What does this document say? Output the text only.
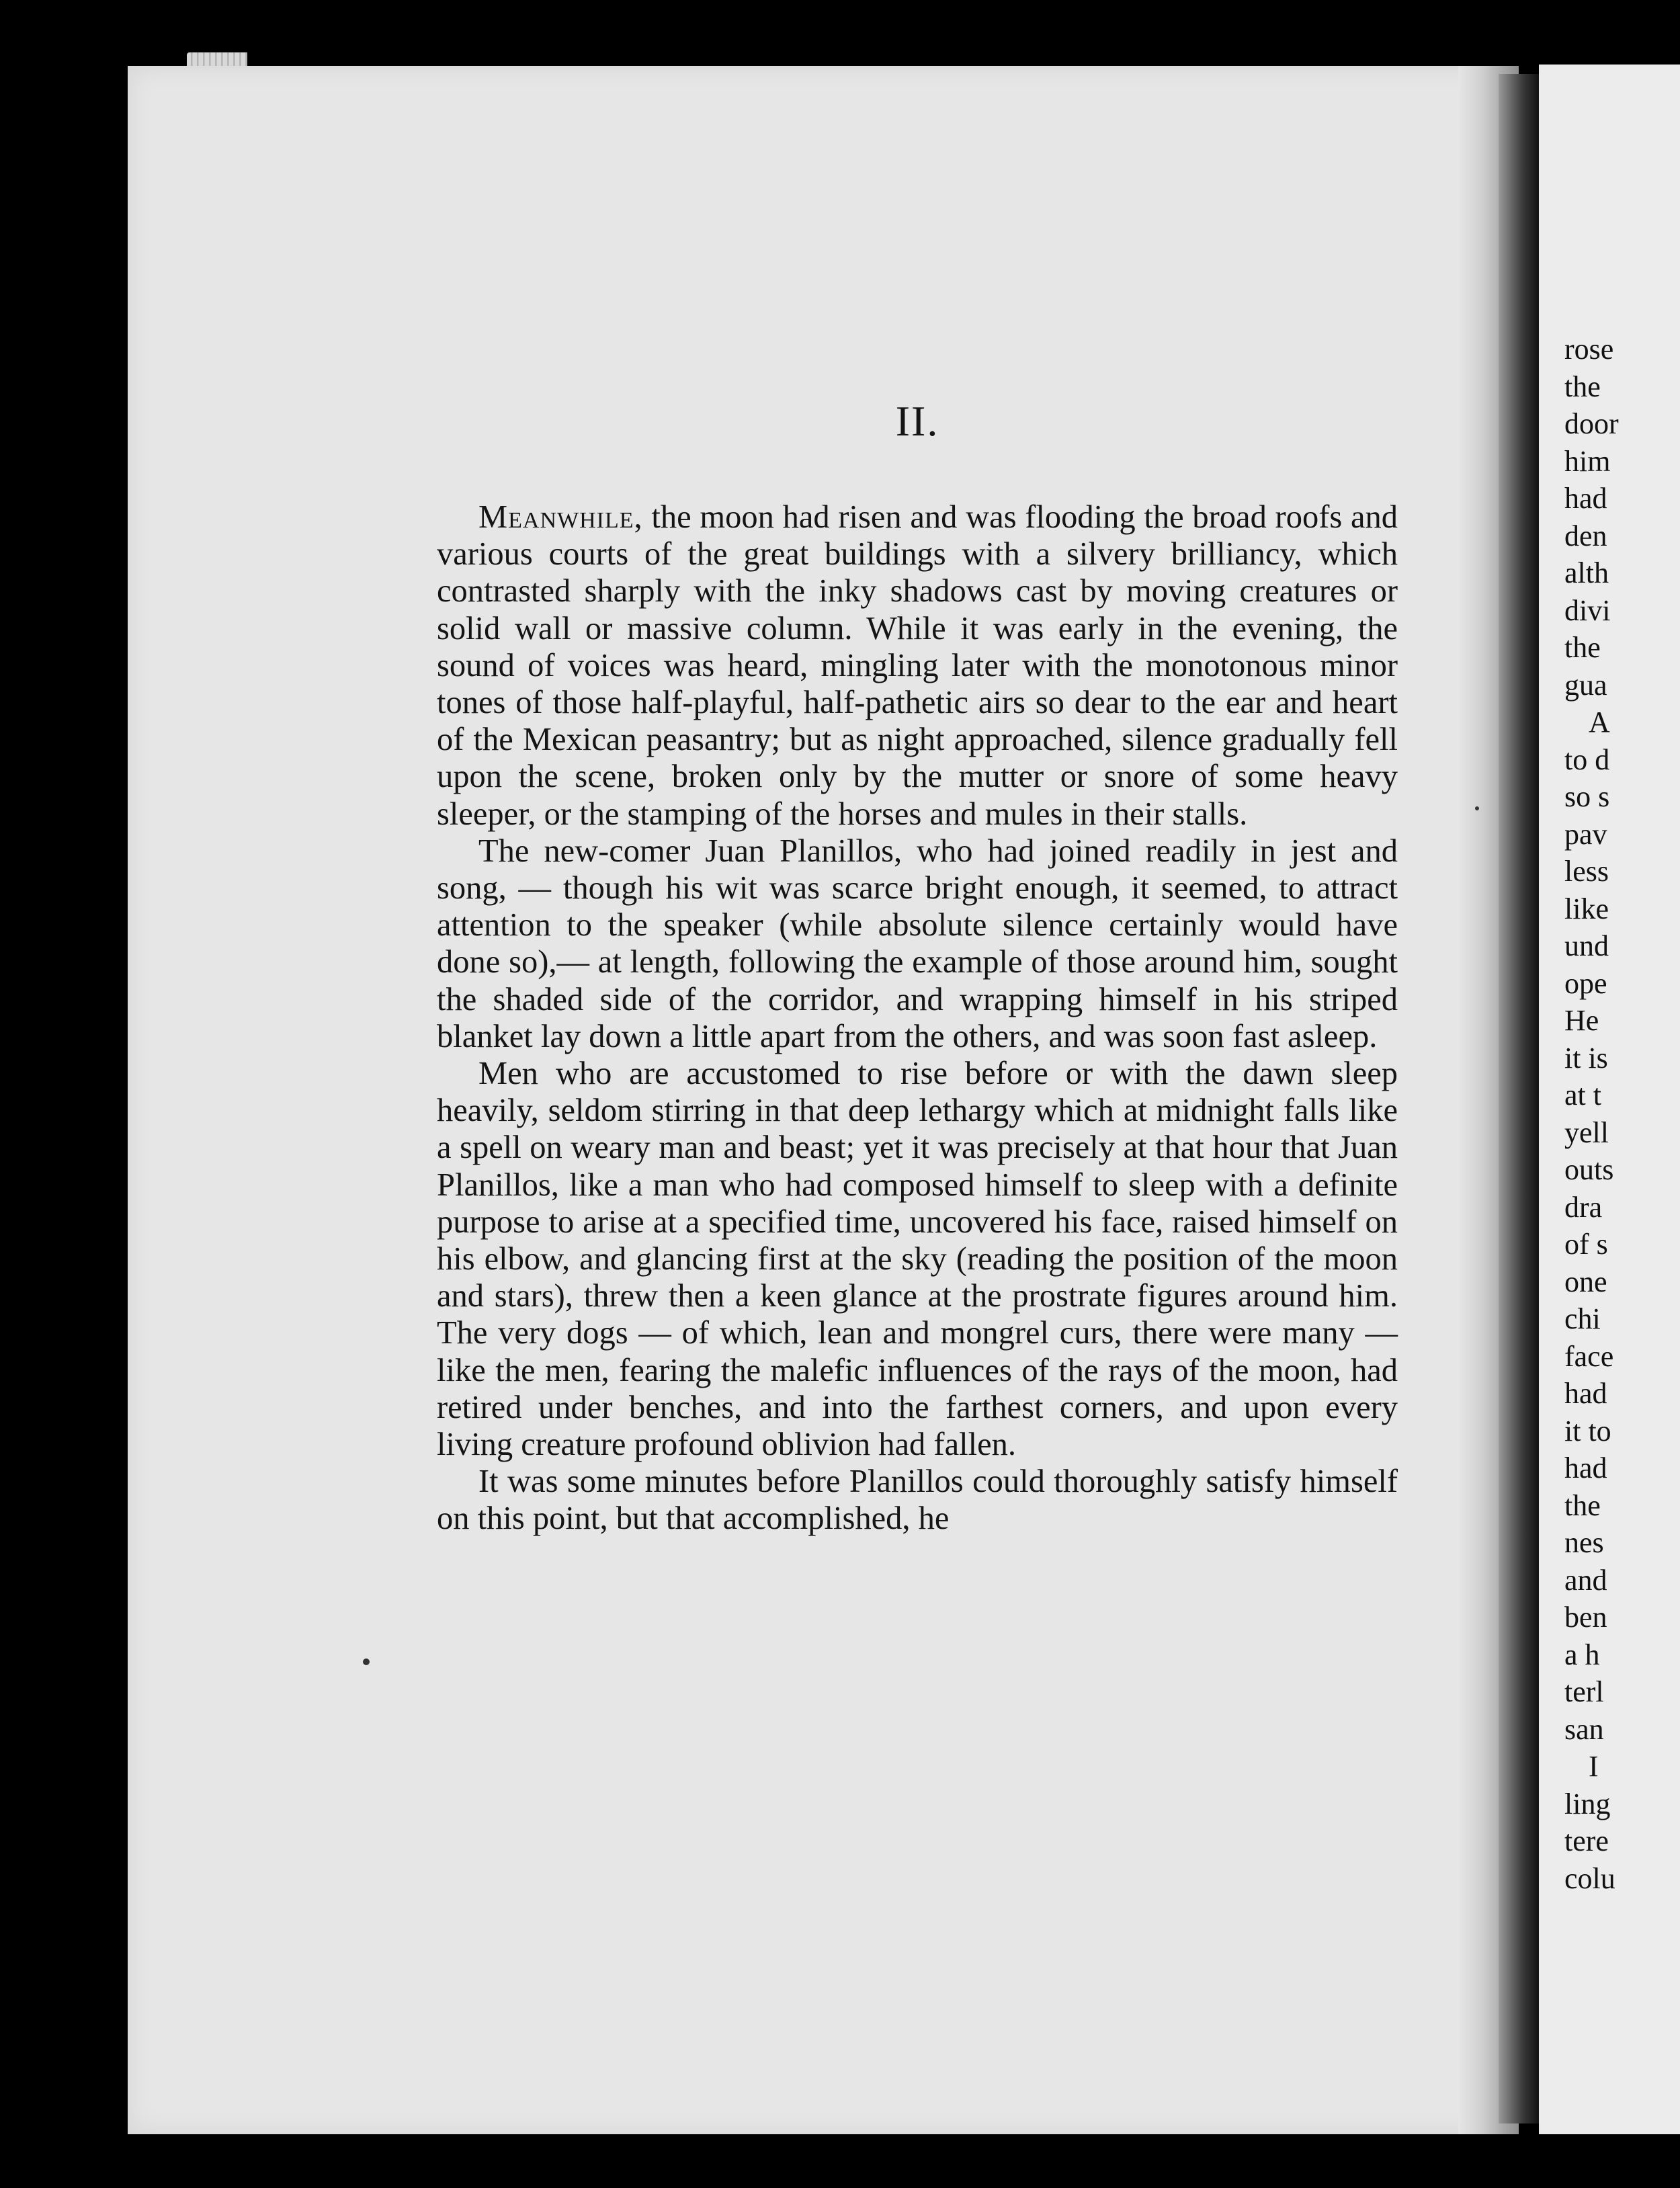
rose
the
door
him
had
den
alth
divi
the
gua
A
to d
so s
pav
less
like
und
ope
He
it is
at t
yell
outs
dra
of s
one
chi
face
had
it to
had
the
nes
and
ben
a h
terl
san
I
ling
tere
colu
II.

Meanwhile, the moon had risen and was flooding the broad roofs and various courts of the great buildings with a silvery brilliancy, which contrasted sharply with the inky shadows cast by moving creatures or solid wall or massive column. While it was early in the evening, the sound of voices was heard, mingling later with the monotonous minor tones of those half-playful, half-pathetic airs so dear to the ear and heart of the Mexican peasantry; but as night approached, silence gradually fell upon the scene, broken only by the mutter or snore of some heavy sleeper, or the stamping of the horses and mules in their stalls.

The new-comer Juan Planillos, who had joined readily in jest and song, — though his wit was scarce bright enough, it seemed, to attract attention to the speaker (while absolute silence certainly would have done so),— at length, following the example of those around him, sought the shaded side of the corridor, and wrapping himself in his striped blanket lay down a little apart from the others, and was soon fast asleep.

Men who are accustomed to rise before or with the dawn sleep heavily, seldom stirring in that deep lethargy which at midnight falls like a spell on weary man and beast; yet it was precisely at that hour that Juan Planillos, like a man who had composed himself to sleep with a definite purpose to arise at a specified time, uncovered his face, raised himself on his elbow, and glancing first at the sky (reading the position of the moon and stars), threw then a keen glance at the prostrate figures around him. The very dogs — of which, lean and mongrel curs, there were many — like the men, fearing the malefic influences of the rays of the moon, had retired under benches, and into the farthest corners, and upon every living creature profound oblivion had fallen.

It was some minutes before Planillos could thoroughly satisfy himself on this point, but that accomplished, he
